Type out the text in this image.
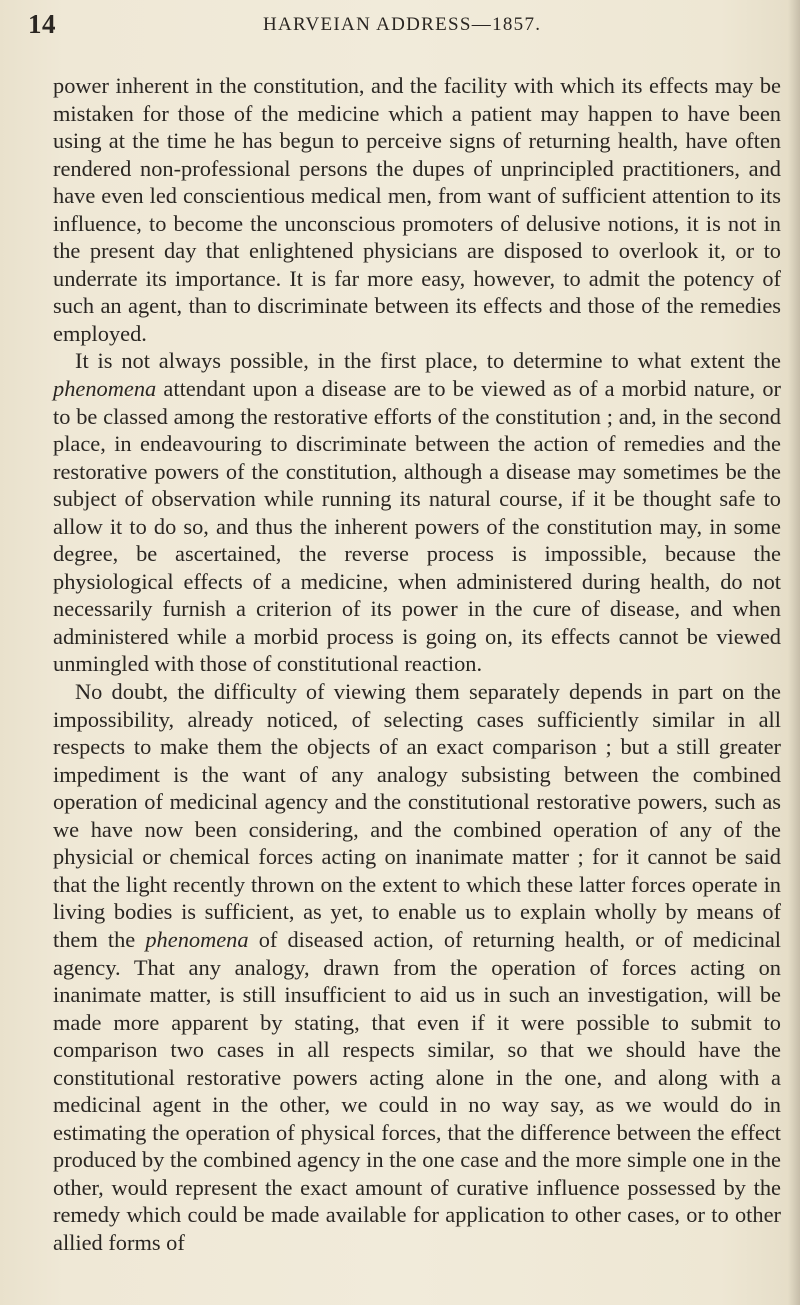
14	HARVEIAN ADDRESS—1857.

power inherent in the constitution, and the facility with which its effects may be mistaken for those of the medicine which a patient may happen to have been using at the time he has begun to perceive signs of returning health, have often rendered non-professional persons the dupes of unprincipled practitioners, and have even led conscientious medical men, from want of sufficient attention to its influence, to become the unconscious promoters of delusive notions, it is not in the present day that enlightened physicians are disposed to overlook it, or to underrate its importance. It is far more easy, however, to admit the potency of such an agent, than to discriminate between its effects and those of the remedies employed.

It is not always possible, in the first place, to determine to what extent the phenomena attendant upon a disease are to be viewed as of a morbid nature, or to be classed among the restorative efforts of the constitution ; and, in the second place, in endeavouring to discriminate between the action of remedies and the restorative powers of the constitution, although a disease may sometimes be the subject of observation while running its natural course, if it be thought safe to allow it to do so, and thus the inherent powers of the constitution may, in some degree, be ascertained, the reverse process is impossible, because the physiological effects of a medicine, when administered during health, do not necessarily furnish a criterion of its power in the cure of disease, and when administered while a morbid process is going on, its effects cannot be viewed unmingled with those of constitutional reaction.

No doubt, the difficulty of viewing them separately depends in part on the impossibility, already noticed, of selecting cases sufficiently similar in all respects to make them the objects of an exact comparison ; but a still greater impediment is the want of any analogy subsisting between the combined operation of medicinal agency and the constitutional restorative powers, such as we have now been considering, and the combined operation of any of the physicial or chemical forces acting on inanimate matter ; for it cannot be said that the light recently thrown on the extent to which these latter forces operate in living bodies is sufficient, as yet, to enable us to explain wholly by means of them the phenomena of diseased action, of returning health, or of medicinal agency. That any analogy, drawn from the operation of forces acting on inanimate matter, is still insufficient to aid us in such an investigation, will be made more apparent by stating, that even if it were possible to submit to comparison two cases in all respects similar, so that we should have the constitutional restorative powers acting alone in the one, and along with a medicinal agent in the other, we could in no way say, as we would do in estimating the operation of physical forces, that the difference between the effect produced by the combined agency in the one case and the more simple one in the other, would represent the exact amount of curative influence possessed by the remedy which could be made available for application to other cases, or to other allied forms of
